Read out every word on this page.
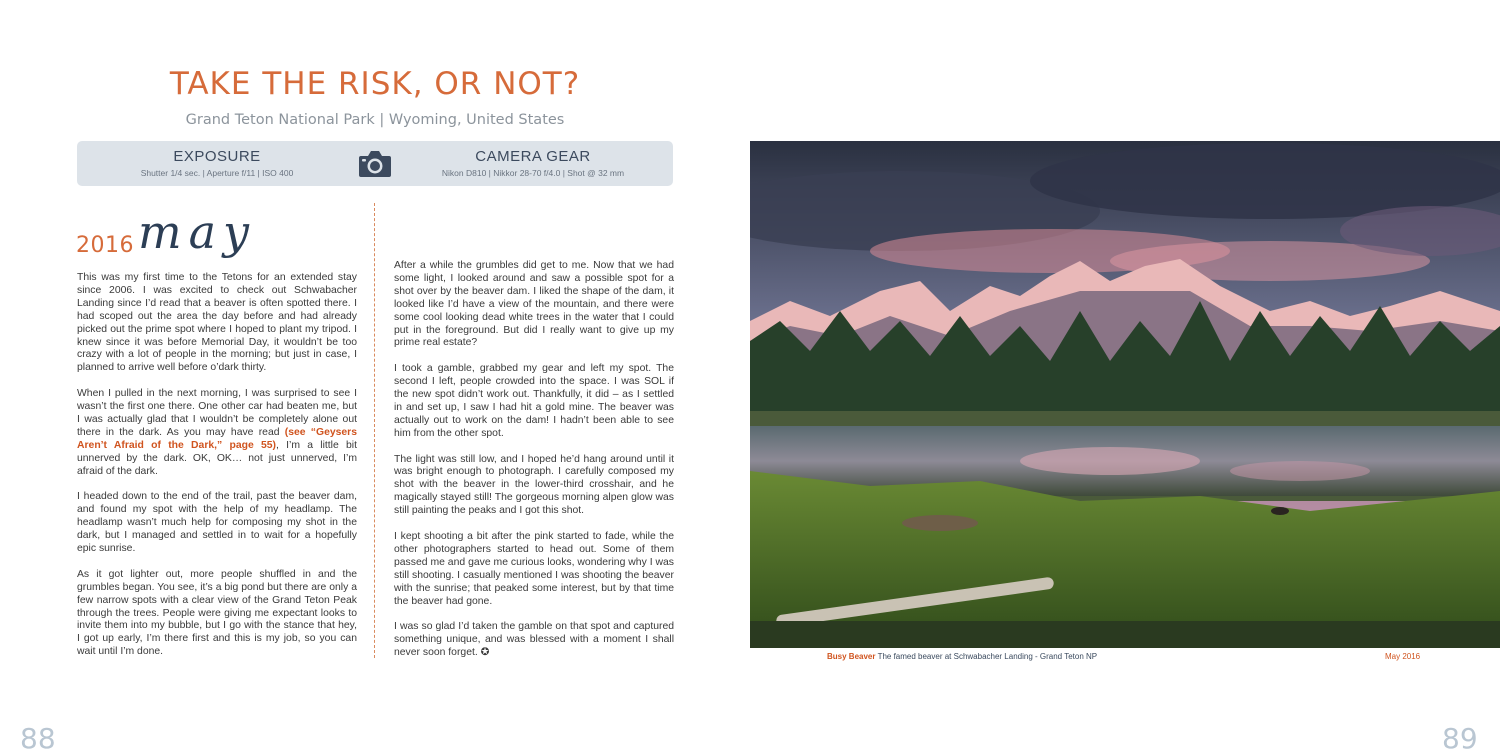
TAKE THE RISK, OR NOT?
Grand Teton National Park | Wyoming, United States
EXPOSURE
Shutter 1/4 sec. | Aperture f/11 | ISO 400
CAMERA GEAR
Nikon D810 | Nikkor 28-70 f/4.0 | Shot @ 32 mm
may
2016

This was my first time to the Tetons for an extended stay since 2006. I was excited to check out Schwabacher Landing since I’d read that a beaver is often spotted there. I had scoped out the area the day before and had already picked out the prime spot where I hoped to plant my tripod. I knew since it was before Memorial Day, it wouldn’t be too crazy with a lot of people in the morning; but just in case, I planned to arrive well before o’dark thirty.

When I pulled in the next morning, I was surprised to see I wasn’t the first one there. One other car had beaten me, but I was actually glad that I wouldn’t be completely alone out there in the dark. As you may have read (see “Geysers Aren’t Afraid of the Dark,” page 55), I’m a little bit unnerved by the dark. OK, OK… not just unnerved, I’m afraid of the dark.

I headed down to the end of the trail, past the beaver dam, and found my spot with the help of my headlamp. The headlamp wasn’t much help for composing my shot in the dark, but I managed and settled in to wait for a hopefully epic sunrise.

As it got lighter out, more people shuffled in and the grumbles began. You see, it’s a big pond but there are only a few narrow spots with a clear view of the Grand Teton Peak through the trees. People were giving me expectant looks to invite them into my bubble, but I go with the stance that hey, I got up early, I’m there first and this is my job, so you can wait until I’m done.

After a while the grumbles did get to me. Now that we had some light, I looked around and saw a possible spot for a shot over by the beaver dam. I liked the shape of the dam, it looked like I’d have a view of the mountain, and there were some cool looking dead white trees in the water that I could put in the foreground. But did I really want to give up my prime real estate?

I took a gamble, grabbed my gear and left my spot. The second I left, people crowded into the space. I was SOL if the new spot didn’t work out. Thankfully, it did – as I settled in and set up, I saw I had hit a gold mine. The beaver was actually out to work on the dam! I hadn’t been able to see him from the other spot.

The light was still low, and I hoped he’d hang around until it was bright enough to photograph. I carefully composed my shot with the beaver in the lower-third crosshair, and he magically stayed still! The gorgeous morning alpen glow was still painting the peaks and I got this shot.

I kept shooting a bit after the pink started to fade, while the other photographers started to head out. Some of them passed me and gave me curious looks, wondering why I was still shooting. I casually mentioned I was shooting the beaver with the sunrise; that peaked some interest, but by that time the beaver had gone.

I was so glad I’d taken the gamble on that spot and captured something unique, and was blessed with a moment I shall never soon forget. ✪

88
Busy Beaver The famed beaver at Schwabacher Landing - Grand Teton NP	May 2016
89
